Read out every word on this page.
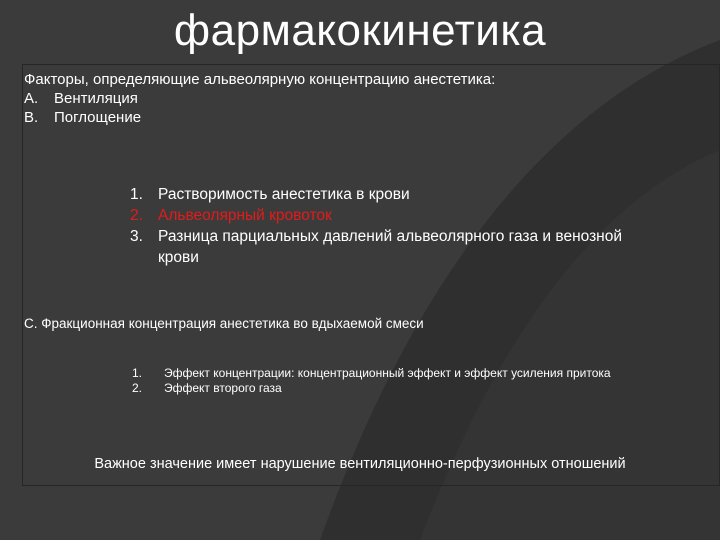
фармакокинетика
Факторы, определяющие альвеолярную концентрацию анестетика:
А. Вентиляция
В. Поглощение
1. Растворимость анестетика в крови
2. Альвеолярный кровоток
3. Разница парциальных давлений альвеолярного газа и венозной крови
С. Фракционная концентрация анестетика во вдыхаемой смеси
1.	Эффект концентрации: концентрационный эффект и эффект усиления притока
2.	Эффект второго газа
Важное значение имеет нарушение вентиляционно-перфузионных отношений
